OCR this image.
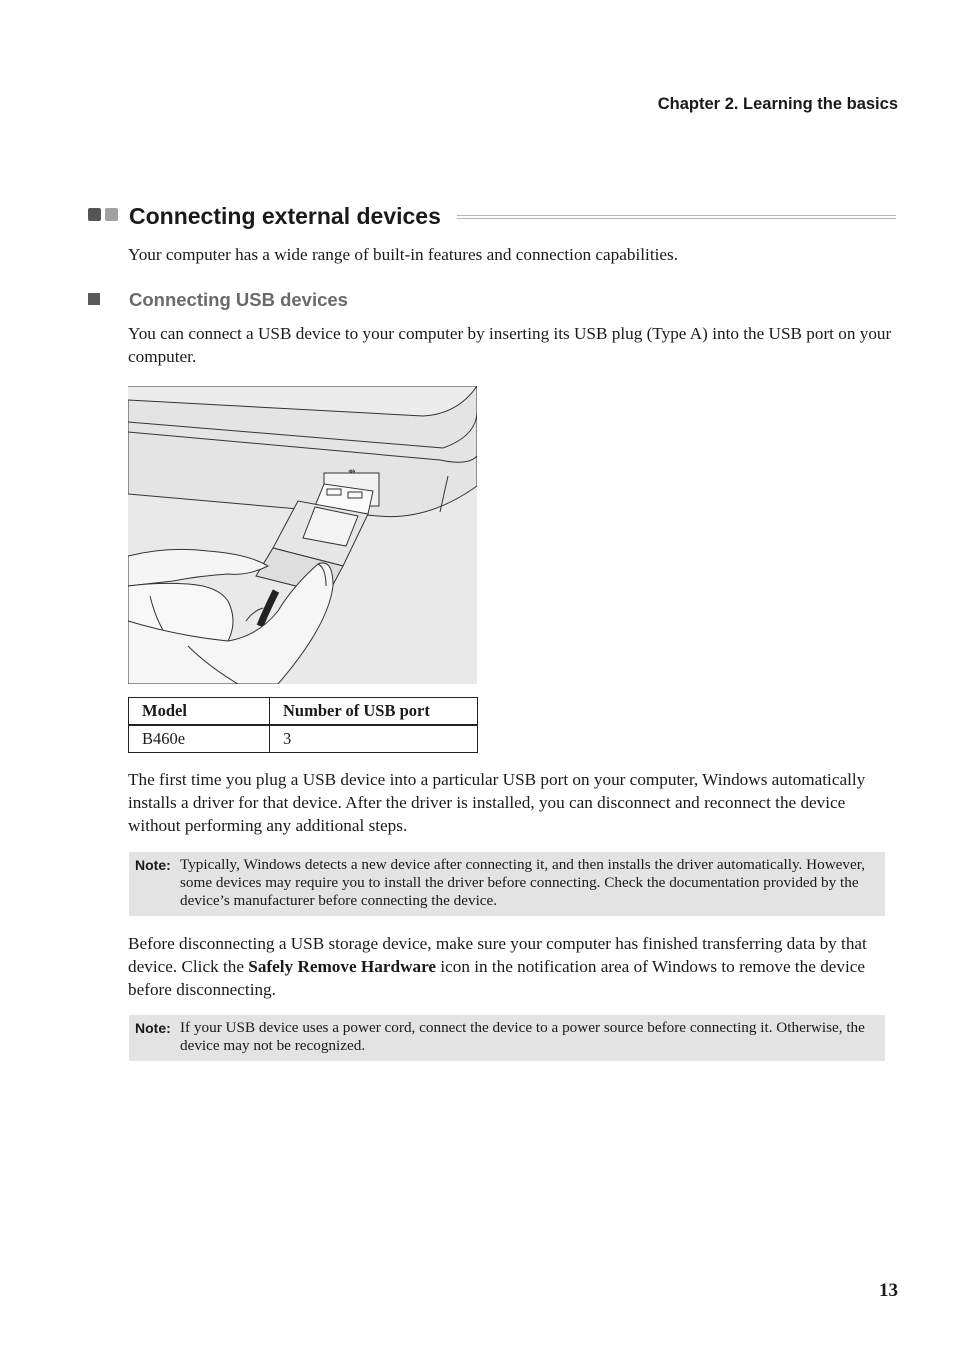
Chapter 2. Learning the basics
Connecting external devices

Your computer has a wide range of built-in features and connection capabilities.

Connecting USB devices

You can connect a USB device to your computer by inserting its USB plug (Type A) into the USB port on your computer.

⇴
Model	Number of USB port
B460e	3

The first time you plug a USB device into a particular USB port on your computer, Windows automatically installs a driver for that device. After the driver is installed, you can disconnect and reconnect the device without performing any additional steps.

Note: Typically, Windows detects a new device after connecting it, and then installs the driver automatically. However, some devices may require you to install the driver before connecting. Check the documentation provided by the device’s manufacturer before connecting the device.

Before disconnecting a USB storage device, make sure your computer has finished transferring data by that device. Click the Safely Remove Hardware icon in the notification area of Windows to remove the device before disconnecting.

Note: If your USB device uses a power cord, connect the device to a power source before connecting it. Otherwise, the device may not be recognized.
13
